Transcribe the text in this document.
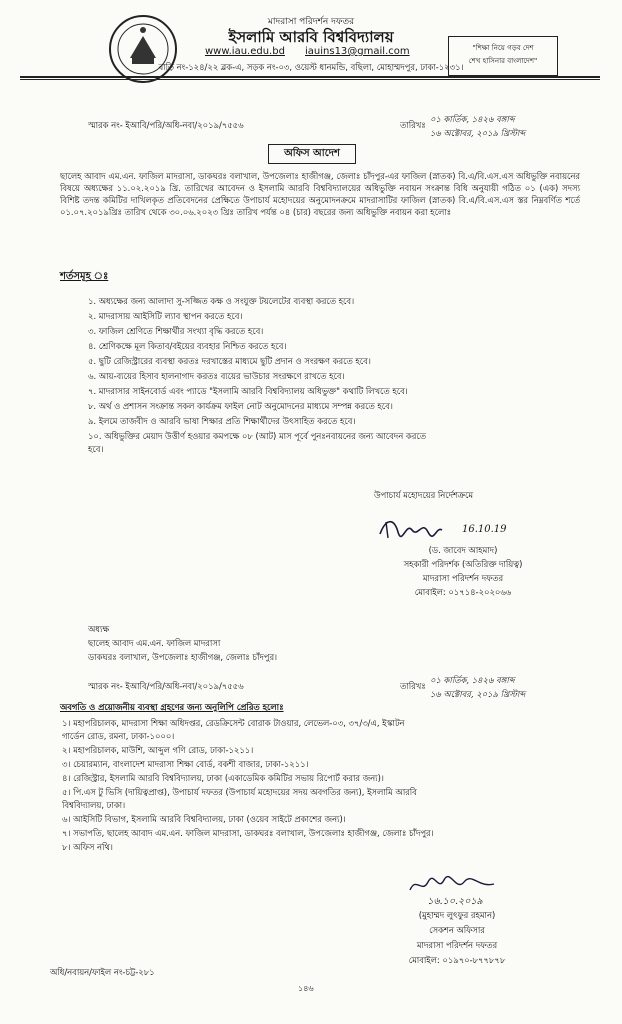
মাদরাসা পরিদর্শন দফতর
ইসলামি আরবি বিশ্ববিদ্যালয়
www.iau.edu.bd iauins13@gmail.com
বাড়ি নং-১২৪/২২ ব্লক-এ, সড়ক নং-০৩, ওয়েস্ট ধানমন্ডি, বছিলা, মোহাম্মদপুর, ঢাকা-১২৩১।
"শিক্ষা নিয়ে গড়ব দেশ
শেখ হাসিনার বাংলাদেশ"
স্মারক নং- ইআবি/পরি/অধি-নবা/২০১৯/৭৫৫৬	তারিখঃ
০১ কার্তিক, ১৪২৬ বঙ্গাব্দ
১৬ অক্টোবর, ২০১৯ খ্রিস্টাব্দ
অফিস আদেশ
ছালেহ আবাদ এম.এন. ফাজিল মাদরাসা, ডাকঘরঃ বলাখাল, উপজেলাঃ হাজীগঞ্জ, জেলাঃ চাঁদপুর-এর ফাজিল (স্নাতক) বি.এ/বি.এস.এস অধিভুক্তি নবায়নের বিষয়ে অধ্যক্ষের ১১.০২.২০১৯ খ্রি. তারিখের আবেদন ও ইসলামি আরবি বিশ্ববিদ্যালয়ের অধিভুক্তি নবায়ন সংক্রান্ত বিধি অনুযায়ী গঠিত ০১ (এক) সদস্য বিশিষ্ট তদন্ত কমিটির দাখিলকৃত প্রতিবেদনের প্রেক্ষিতে উপাচার্য মহোদয়ের অনুমোদনক্রমে মাদরাসাটির ফাজিল (স্নাতক) বি.এ/বি.এস.এস স্তর নিম্নবর্ণিত শর্তে ০১.০৭.২০১৯খ্রিঃ তারিখ থেকে ৩০.০৬.২০২৩ খ্রিঃ তারিখ পর্যন্ত ০৪ (চার) বছরের জন্য অধিভুক্তি নবায়ন করা হলোঃ
শর্তসমূহ ঃ
১. অধ্যক্ষের জন্য আলাদা সু-সজ্জিত কক্ষ ও সংযুক্ত টয়লেটের ব্যবস্থা করতে হবে।
২. মাদরাসায় আইসিটি ল্যাব স্থাপন করতে হবে।
৩. ফাজিল শ্রেণিতে শিক্ষার্থীর সংখ্যা বৃদ্ধি করতে হবে।
৪. শ্রেণিকক্ষে মূল কিতাব/বইয়ের ব্যবহার নিশ্চিত করতে হবে।
৫. ছুটি রেজিস্ট্রারের ব্যবস্থা করতঃ দরখাস্তের মাধ্যমে ছুটি প্রদান ও সংরক্ষণ করতে হবে।
৬. আয়-ব্যয়ের হিসাব হালনাগাদ করতঃ ব্যয়ের ভাউচার সংরক্ষণে রাখতে হবে।
৭. মাদরাসার সাইনবোর্ড এবং প্যাডে "ইসলামি আরবি বিশ্ববিদ্যালয় অধিভুক্ত" কথাটি লিখতে হবে।
৮. অর্থ ও প্রশাসন সংক্রান্ত সকল কার্যক্রম ফাইল নোট অনুমোদনের মাধ্যমে সম্পন্ন করতে হবে।
৯. ইলমে তাজবীদ ও আরবি ভাষা শিক্ষার প্রতি শিক্ষার্থীদের উৎসাহিত করতে হবে।
১০. অধিভুক্তির মেয়াদ উত্তীর্ণ হওয়ার কমপক্ষে ০৮ (আট) মাস পূর্বে পুনঃনবায়নের জন্য আবেদন করতে
হবে।
উপাচার্য মহোদয়ের নির্দেশক্রমে
16.10.19
(ড. জাবেদ আহমাদ)
সহকারী পরিদর্শক (অতিরিক্ত দায়িত্ব)
মাদরাসা পরিদর্শন দফতর
মোবাইল: ০১৭১৪-২০২০৬৬
অধ্যক্ষ
ছালেহ আবাদ এম.এন. ফাজিল মাদরাসা
ডাকঘরঃ বলাখাল, উপজেলাঃ হাজীগঞ্জ, জেলাঃ চাঁদপুর।
স্মারক নং- ইআবি/পরি/অধি-নবা/২০১৯/৭৫৫৬	তারিখঃ
০১ কার্তিক, ১৪২৬ বঙ্গাব্দ
১৬ অক্টোবর, ২০১৯ খ্রিস্টাব্দ
অবগতি ও প্রয়োজনীয় ব্যবস্থা গ্রহণের জন্য অনুলিপি প্রেরিত হলোঃ
১। মহাপরিচালক, মাদরাসা শিক্ষা অধিদপ্তর, রেডক্রিসেন্ট বোরাক টাওয়ার, লেভেল-০৩, ৩৭/৩/এ, ইস্কাটন
গার্ডেন রোড, রমনা, ঢাকা-১০০০।
২। মহাপরিচালক, মাউশি, আব্দুল গণি রোড, ঢাকা-১২১১।
৩। চেয়ারম্যান, বাংলাদেশ মাদরাসা শিক্ষা বোর্ড, বকশী বাজার, ঢাকা-১২১১।
৪। রেজিস্ট্রার, ইসলামি আরবি বিশ্ববিদ্যালয়, ঢাকা (একাডেমিক কমিটির সভায় রিপোর্ট করার জন্য)।
৫। পি.এস টু ভিসি (দায়িত্বপ্রাপ্ত), উপাচার্য দফতর (উপাচার্য মহোদয়ের সদয় অবগতির জন্য), ইসলামি আরবি
বিশ্ববিদ্যালয়, ঢাকা।
৬। আইসিটি বিভাগ, ইসলামি আরবি বিশ্ববিদ্যালয়, ঢাকা (ওয়েব সাইটে প্রকাশের জন্য)।
৭। সভাপতি, ছালেহ আবাদ এম.এন. ফাজিল মাদরাসা, ডাকঘরঃ বলাখাল, উপজেলাঃ হাজীগঞ্জ, জেলাঃ চাঁদপুর।
৮। অফিস নথি।
১৬.১০.২০১৯
(মুহাম্মদ লুৎফুর রহমান)
সেকশন অফিসার
মাদরাসা পরিদর্শন দফতর
মোবাইল: ০১৯৭০-৮৭৭৮৭৮
অধি/নবায়ন/ফাইল নং-চট্ট-২৮১
১৪৬
